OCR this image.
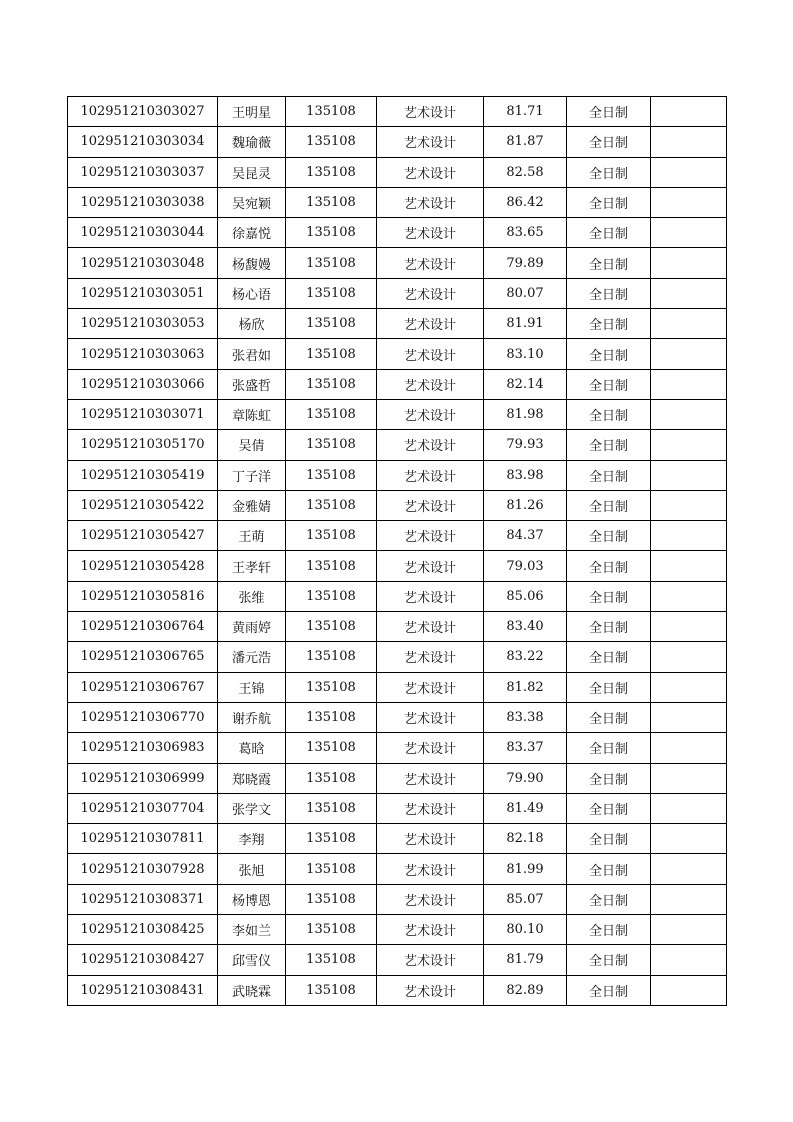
102951210303027	王明星	135108	艺术设计	81.71	全日制	
102951210303034	魏瑜薇	135108	艺术设计	81.87	全日制	
102951210303037	吴昆灵	135108	艺术设计	82.58	全日制	
102951210303038	吴宛颖	135108	艺术设计	86.42	全日制	
102951210303044	徐嘉悦	135108	艺术设计	83.65	全日制	
102951210303048	杨馥嫚	135108	艺术设计	79.89	全日制	
102951210303051	杨心语	135108	艺术设计	80.07	全日制	
102951210303053	杨欣	135108	艺术设计	81.91	全日制	
102951210303063	张君如	135108	艺术设计	83.10	全日制	
102951210303066	张盛哲	135108	艺术设计	82.14	全日制	
102951210303071	章陈虹	135108	艺术设计	81.98	全日制	
102951210305170	吴倩	135108	艺术设计	79.93	全日制	
102951210305419	丁子洋	135108	艺术设计	83.98	全日制	
102951210305422	金雅婧	135108	艺术设计	81.26	全日制	
102951210305427	王萌	135108	艺术设计	84.37	全日制	
102951210305428	王孝轩	135108	艺术设计	79.03	全日制	
102951210305816	张维	135108	艺术设计	85.06	全日制	
102951210306764	黄雨婷	135108	艺术设计	83.40	全日制	
102951210306765	潘元浩	135108	艺术设计	83.22	全日制	
102951210306767	王锦	135108	艺术设计	81.82	全日制	
102951210306770	谢乔航	135108	艺术设计	83.38	全日制	
102951210306983	葛晗	135108	艺术设计	83.37	全日制	
102951210306999	郑晓霞	135108	艺术设计	79.90	全日制	
102951210307704	张学文	135108	艺术设计	81.49	全日制	
102951210307811	李翔	135108	艺术设计	82.18	全日制	
102951210307928	张旭	135108	艺术设计	81.99	全日制	
102951210308371	杨博恩	135108	艺术设计	85.07	全日制	
102951210308425	李如兰	135108	艺术设计	80.10	全日制	
102951210308427	邱雪仪	135108	艺术设计	81.79	全日制	
102951210308431	武晓霖	135108	艺术设计	82.89	全日制	
